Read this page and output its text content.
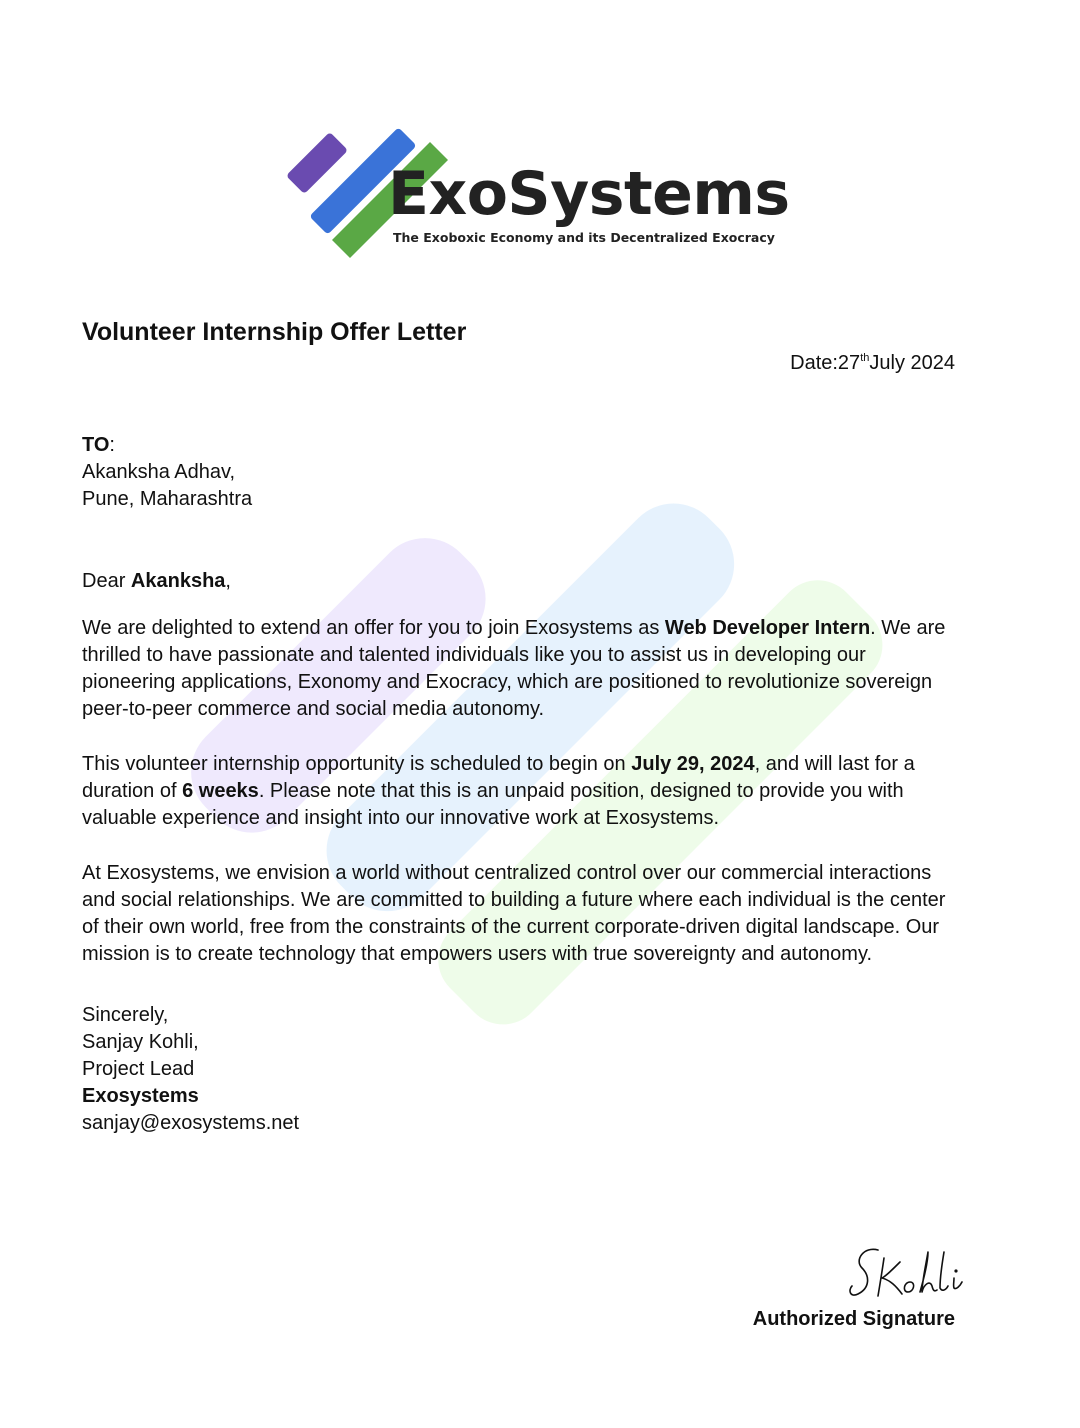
ExoSystems
The Exoboxic Economy and its Decentralized Exocracy
Volunteer Internship Offer Letter
Date:27thJuly 2024
TO:
Akanksha Adhav,
Pune, Maharashtra
Dear Akanksha,

We are delighted to extend an offer for you to join Exosystems as Web Developer Intern. We are thrilled to have passionate and talented individuals like you to assist us in developing our pioneering applications, Exonomy and Exocracy, which are positioned to revolutionize sovereign peer-to-peer commerce and social media autonomy.

This volunteer internship opportunity is scheduled to begin on July 29, 2024, and will last for a duration of 6 weeks. Please note that this is an unpaid position, designed to provide you with valuable experience and insight into our innovative work at Exosystems.

At Exosystems, we envision a world without centralized control over our commercial interactions and social relationships. We are committed to building a future where each individual is the center of their own world, free from the constraints of the current corporate-driven digital landscape. Our mission is to create technology that empowers users with true sovereignty and autonomy.

Sincerely,
Sanjay Kohli,
Project Lead
Exosystems
sanjay@exosystems.net
Authorized Signature
